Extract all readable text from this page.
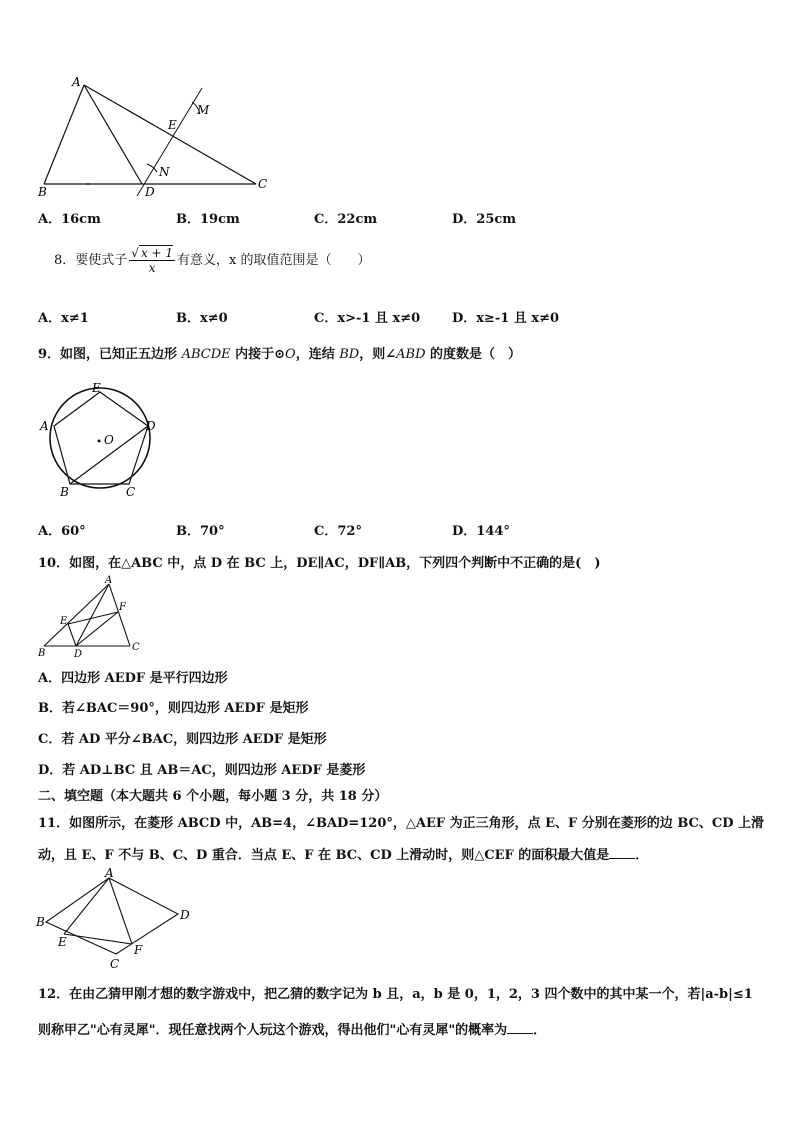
A
B
C
D
E
M
N
A．16cm	B．19cm	C．22cm	D．25cm
8．要使式子 $\frac{√ x + 1}{x}$ 有意义，x 的取值范围是（　　）
A．x≠1	B．x≠0	C．x>-1 且 x≠0 D．x≥-1 且 x≠0
9．如图，已知正五边形 ABCDE 内接于⊙O，连结 BD，则∠ABD 的度数是（　）
E
A	D
O
B	C
A．60°	B．70°	C．72°	D．144°
10．如图，在△ABC 中，点 D 在 BC 上，DE∥AC，DF∥AB，下列四个判断中不正确的是(　)
A
F
E
B	D
C
A．四边形 AEDF 是平行四边形
B．若∠BAC＝90°，则四边形 AEDF 是矩形
C．若 AD 平分∠BAC，则四边形 AEDF 是矩形
D．若 AD⊥BC 且 AB＝AC，则四边形 AEDF 是菱形
二、填空题（本大题共 6 个小题，每小题 3 分，共 18 分）
11．如图所示，在菱形 ABCD 中，AB=4，∠BAD=120°，△AEF 为正三角形，点 E、F 分别在菱形的边 BC、CD 上滑
动，且 E、F 不与 B、C、D 重合．当点 E、F 在 BC、CD 上滑动时，则△CEF 的面积最大值是 ．
A
B	D
E
F
C
12．在由乙猜甲刚才想的数字游戏中，把乙猜的数字记为 b 且，a，b 是 0，1，2，3 四个数中的其中某一个，若|a-b|≤1
则称甲乙"心有灵犀"．现任意找两个人玩这个游戏，得出他们"心有灵犀"的概率为 ．
